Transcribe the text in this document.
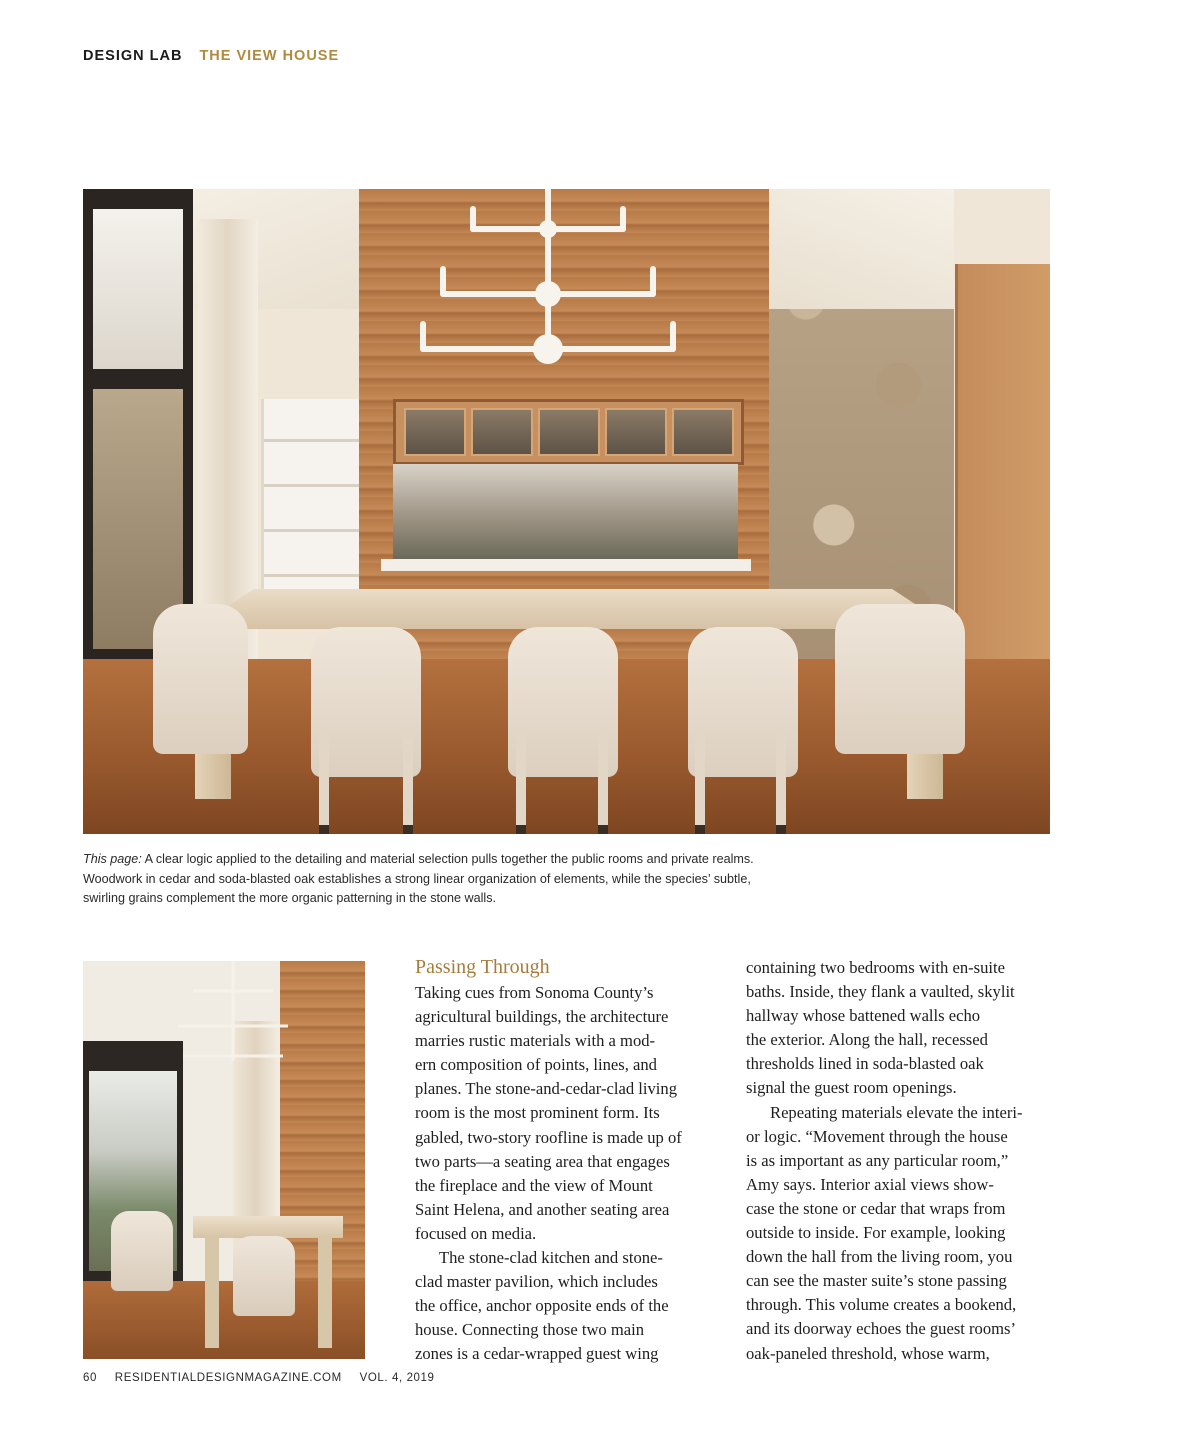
DESIGN LAB THE VIEW HOUSE
This page: A clear logic applied to the detailing and material selection pulls together the public rooms and private realms.
Woodwork in cedar and soda-blasted oak establishes a strong linear organization of elements, while the species’ subtle,
swirling grains complement the more organic patterning in the stone walls.
Passing Through
Taking cues from Sonoma County’s
agricultural buildings, the architecture
marries rustic materials with a mod-
ern composition of points, lines, and
planes. The stone-and-cedar-clad living
room is the most prominent form. Its
gabled, two-story roofline is made up of
two parts—a seating area that engages
the fireplace and the view of Mount
Saint Helena, and another seating area
focused on media.
The stone-clad kitchen and stone-
clad master pavilion, which includes
the office, anchor opposite ends of the
house. Connecting those two main
zones is a cedar-wrapped guest wing
containing two bedrooms with en-suite
baths. Inside, they flank a vaulted, skylit
hallway whose battened walls echo
the exterior. Along the hall, recessed
thresholds lined in soda-blasted oak
signal the guest room openings.
Repeating materials elevate the interi-
or logic. “Movement through the house
is as important as any particular room,”
Amy says. Interior axial views show-
case the stone or cedar that wraps from
outside to inside. For example, looking
down the hall from the living room, you
can see the master suite’s stone passing
through. This volume creates a bookend,
and its doorway echoes the guest rooms’
oak-paneled threshold, whose warm,
60 RESIDENTIALDESIGNMAGAZINE.COM VOL. 4, 2019
